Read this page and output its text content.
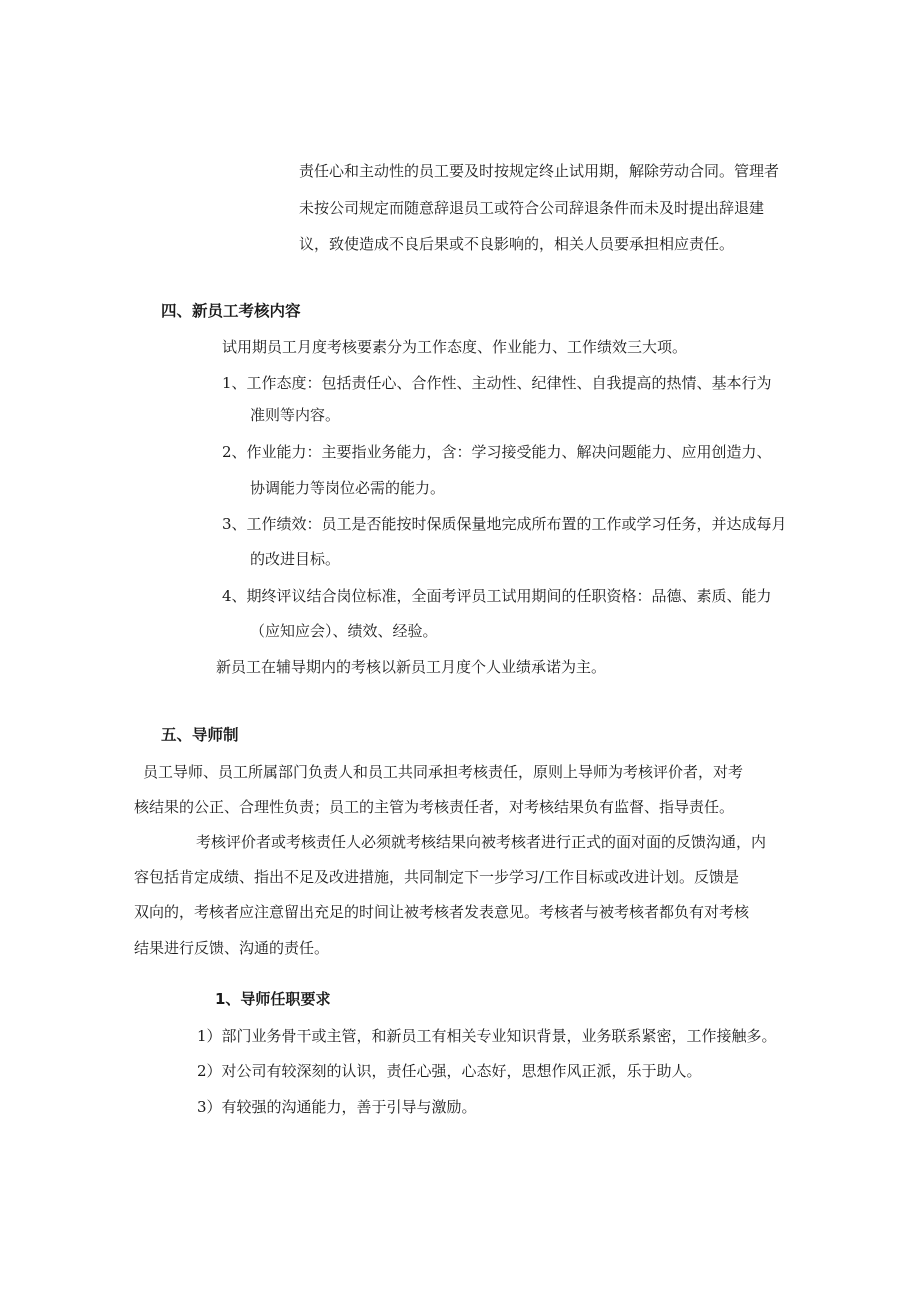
责任心和主动性的员工要及时按规定终止试用期，解除劳动合同。管理者
未按公司规定而随意辞退员工或符合公司辞退条件而未及时提出辞退建
议，致使造成不良后果或不良影响的，相关人员要承担相应责任。
四、新员工考核内容
试用期员工月度考核要素分为工作态度、作业能力、工作绩效三大项。
1、工作态度：包括责任心、合作性、主动性、纪律性、自我提高的热情、基本行为
准则等内容。
2、作业能力：主要指业务能力，含：学习接受能力、解决问题能力、应用创造力、
协调能力等岗位必需的能力。
3、工作绩效：员工是否能按时保质保量地完成所布置的工作或学习任务，并达成每月
的改进目标。
4、期终评议结合岗位标准，全面考评员工试用期间的任职资格：品德、素质、能力
（应知应会）、绩效、经验。
新员工在辅导期内的考核以新员工月度个人业绩承诺为主。
五、导师制
员工导师、员工所属部门负责人和员工共同承担考核责任，原则上导师为考核评价者，对考
核结果的公正、合理性负责；员工的主管为考核责任者，对考核结果负有监督、指导责任。
考核评价者或考核责任人必须就考核结果向被考核者进行正式的面对面的反馈沟通，内
容包括肯定成绩、指出不足及改进措施，共同制定下一步学习/工作目标或改进计划。反馈是
双向的，考核者应注意留出充足的时间让被考核者发表意见。考核者与被考核者都负有对考核
结果进行反馈、沟通的责任。
1、导师任职要求
1）部门业务骨干或主管，和新员工有相关专业知识背景，业务联系紧密，工作接触多。
2）对公司有较深刻的认识，责任心强，心态好，思想作风正派，乐于助人。
3）有较强的沟通能力，善于引导与激励。
